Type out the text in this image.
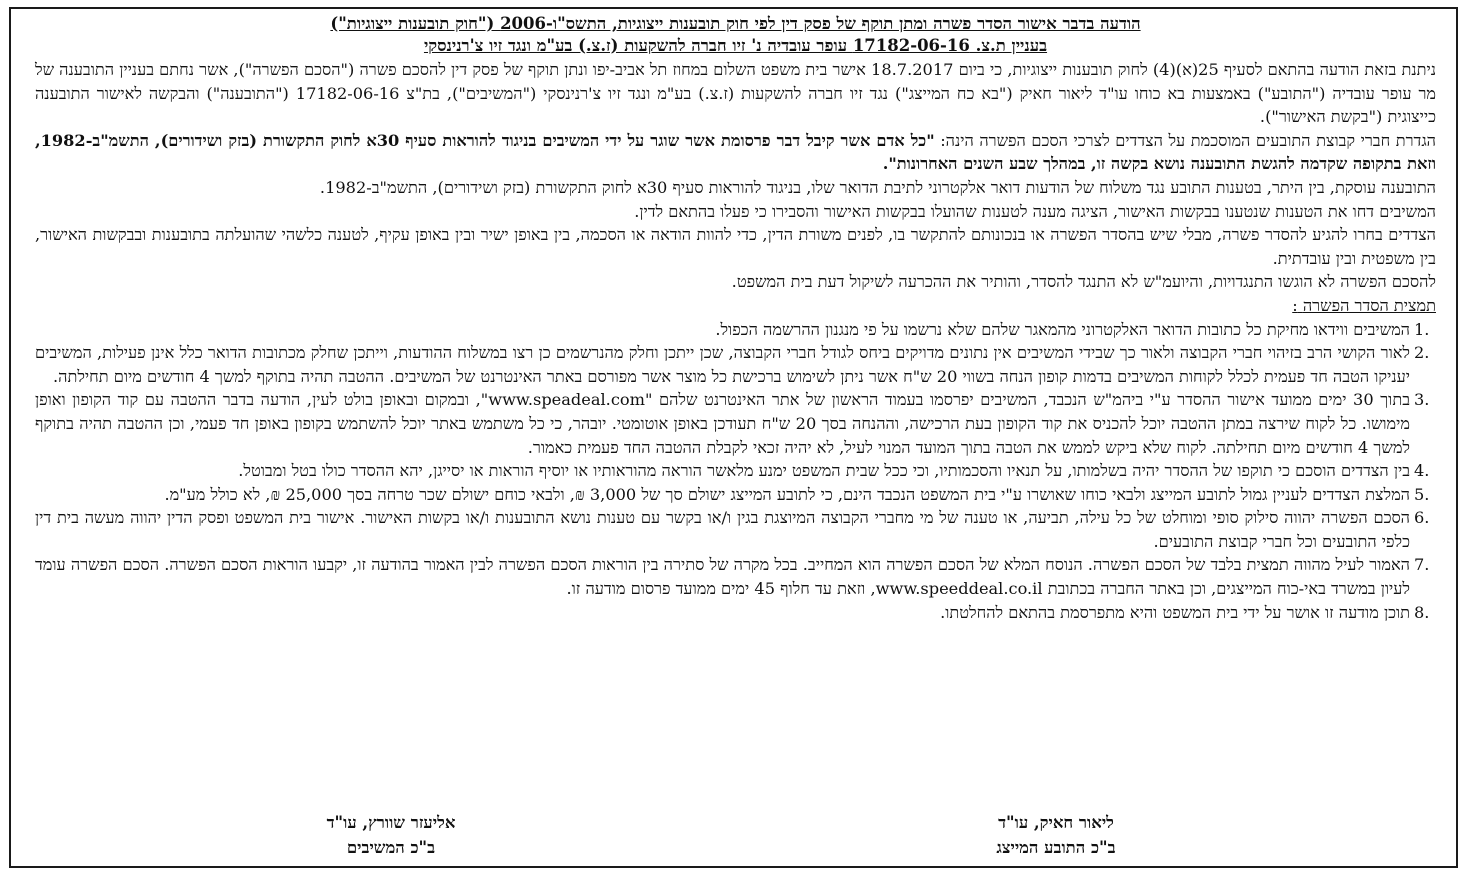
הודעה בדבר אישור הסדר פשרה ומתן תוקף של פסק דין לפי חוק תובענות ייצוגיות, התשס"ו-2006 ("חוק תובענות ייצוגיות")
בעניין ת.צ. 17182-06-16 עופר עובדיה נ' זיו חברה להשקעות (ז.צ.) בע"מ ונגד זיו צ'רנינסקי

ניתנת בזאת הודעה בהתאם לסעיף 25(א)(4) לחוק תובענות ייצוגיות, כי ביום 18.7.2017 אישר בית משפט השלום במחוז תל אביב-יפו ונתן תוקף של פסק דין להסכם פשרה ("הסכם הפשרה"), אשר נחתם בעניין התובענה של מר עופר עובדיה ("התובע") באמצעות בא כוחו עו"ד ליאור חאיק ("בא כח המייצג") נגד זיו חברה להשקעות (ז.צ.) בע"מ ונגד זיו צ'רנינסקי ("המשיבים"), בת"צ 17182-06-16 ("התובענה") והבקשה לאישור התובענה כייצוגית ("בקשת האישור").

הגדרת חברי קבוצת התובעים המוסכמת על הצדדים לצרכי הסכם הפשרה הינה: "כל אדם אשר קיבל דבר פרסומת אשר שוגר על ידי המשיבים בניגוד להוראות סעיף 30א לחוק התקשורת (בזק ושידורים), התשמ"ב-1982, וזאת בתקופה שקדמה להגשת התובענה נושא בקשה זו, במהלך שבע השנים האחרונות".

התובענה עוסקת, בין היתר, בטענות התובע נגד משלוח של הודעות דואר אלקטרוני לתיבת הדואר שלו, בניגוד להוראות סעיף 30א לחוק התקשורת (בזק ושידורים), התשמ"ב-1982.

המשיבים דחו את הטענות שנטענו בבקשות האישור, הציגה מענה לטענות שהועלו בבקשות האישור והסבירו כי פעלו בהתאם לדין.

הצדדים בחרו להגיע להסדר פשרה, מבלי שיש בהסדר הפשרה או בנכונותם להתקשר בו, לפנים משורת הדין, כדי להוות הודאה או הסכמה, בין באופן ישיר ובין באופן עקיף, לטענה כלשהי שהועלתה בתובענות ובבקשות האישור, בין משפטית ובין עובדתית.

להסכם הפשרה לא הוגשו התנגדויות, והיועמ"ש לא התנגד להסדר, והותיר את ההכרעה לשיקול דעת בית המשפט.

תמצית הסדר הפשרה :

1.
המשיבים ווידאו מחיקת כל כתובות הדואר האלקטרוני מהמאגר שלהם שלא נרשמו על פי מנגנון ההרשמה הכפול.
2.
לאור הקושי הרב בזיהוי חברי הקבוצה ולאור כך שבידי המשיבים אין נתונים מדויקים ביחס לגודל חברי הקבוצה, שכן ייתכן וחלק מהנרשמים כן רצו במשלוח ההודעות, וייתכן שחלק מכתובות הדואר כלל אינן פעילות, המשיבים יעניקו הטבה חד פעמית לכלל לקוחות המשיבים בדמות קופון הנחה בשווי 20 ש"ח אשר ניתן לשימוש ברכישת כל מוצר אשר מפורסם באתר האינטרנט של המשיבים. ההטבה תהיה בתוקף למשך 4 חודשים מיום תחילתה.
3.
בתוך 30 ימים ממועד אישור ההסדר ע"י ביהמ"ש הנכבד, המשיבים יפרסמו בעמוד הראשון של אתר האינטרנט שלהם "www.speadeal.com", ובמקום ובאופן בולט לעין, הודעה בדבר ההטבה עם קוד הקופון ואופן מימושו. כל לקוח שירצה במתן ההטבה יוכל להכניס את קוד הקופון בעת הרכישה, וההנחה בסך 20 ש"ח תעודכן באופן אוטומטי. יובהר, כי כל משתמש באתר יוכל להשתמש בקופון באופן חד פעמי, וכן ההטבה תהיה בתוקף למשך 4 חודשים מיום תחילתה. לקוח שלא ביקש לממש את הטבה בתוך המועד המנוי לעיל, לא יהיה זכאי לקבלת ההטבה החד פעמית כאמור.
4.
בין הצדדים הוסכם כי תוקפו של ההסדר יהיה בשלמותו, על תנאיו והסכמותיו, וכי ככל שבית המשפט ימנע מלאשר הוראה מהוראותיו או יוסיף הוראות או יסייגן, יהא ההסדר כולו בטל ומבוטל.
5.
המלצת הצדדים לעניין גמול לתובע המייצג ולבאי כוחו שאושרו ע"י בית המשפט הנכבד הינם, כי לתובע המייצג ישולם סך של 3,000 ₪, ולבאי כוחם ישולם שכר טרחה בסך 25,000 ₪, לא כולל מע"מ.
6.
הסכם הפשרה יהווה סילוק סופי ומוחלט של כל עילה, תביעה, או טענה של מי מחברי הקבוצה המיוצגת בגין ו/או בקשר עם טענות נושא התובענות ו/או בקשות האישור. אישור בית המשפט ופסק הדין יהווה מעשה בית דין כלפי התובעים וכל חברי קבוצת התובעים.
7.
האמור לעיל מהווה תמצית בלבד של הסכם הפשרה. הנוסח המלא של הסכם הפשרה הוא המחייב. בכל מקרה של סתירה בין הוראות הסכם הפשרה לבין האמור בהודעה זו, יקבעו הוראות הסכם הפשרה. הסכם הפשרה עומד לעיון במשרד באי-כוח המייצגים, וכן באתר החברה בכתובת www.speeddeal.co.il, וזאת עד חלוף 45 ימים ממועד פרסום מודעה זו.
8.
תוכן מודעה זו אושר על ידי בית המשפט והיא מתפרסמת בהתאם להחלטתו.
ליאור חאיק, עו"ד
ב"כ התובע המייצג
אליעזר שוורץ, עו"ד
ב"כ המשיבים
